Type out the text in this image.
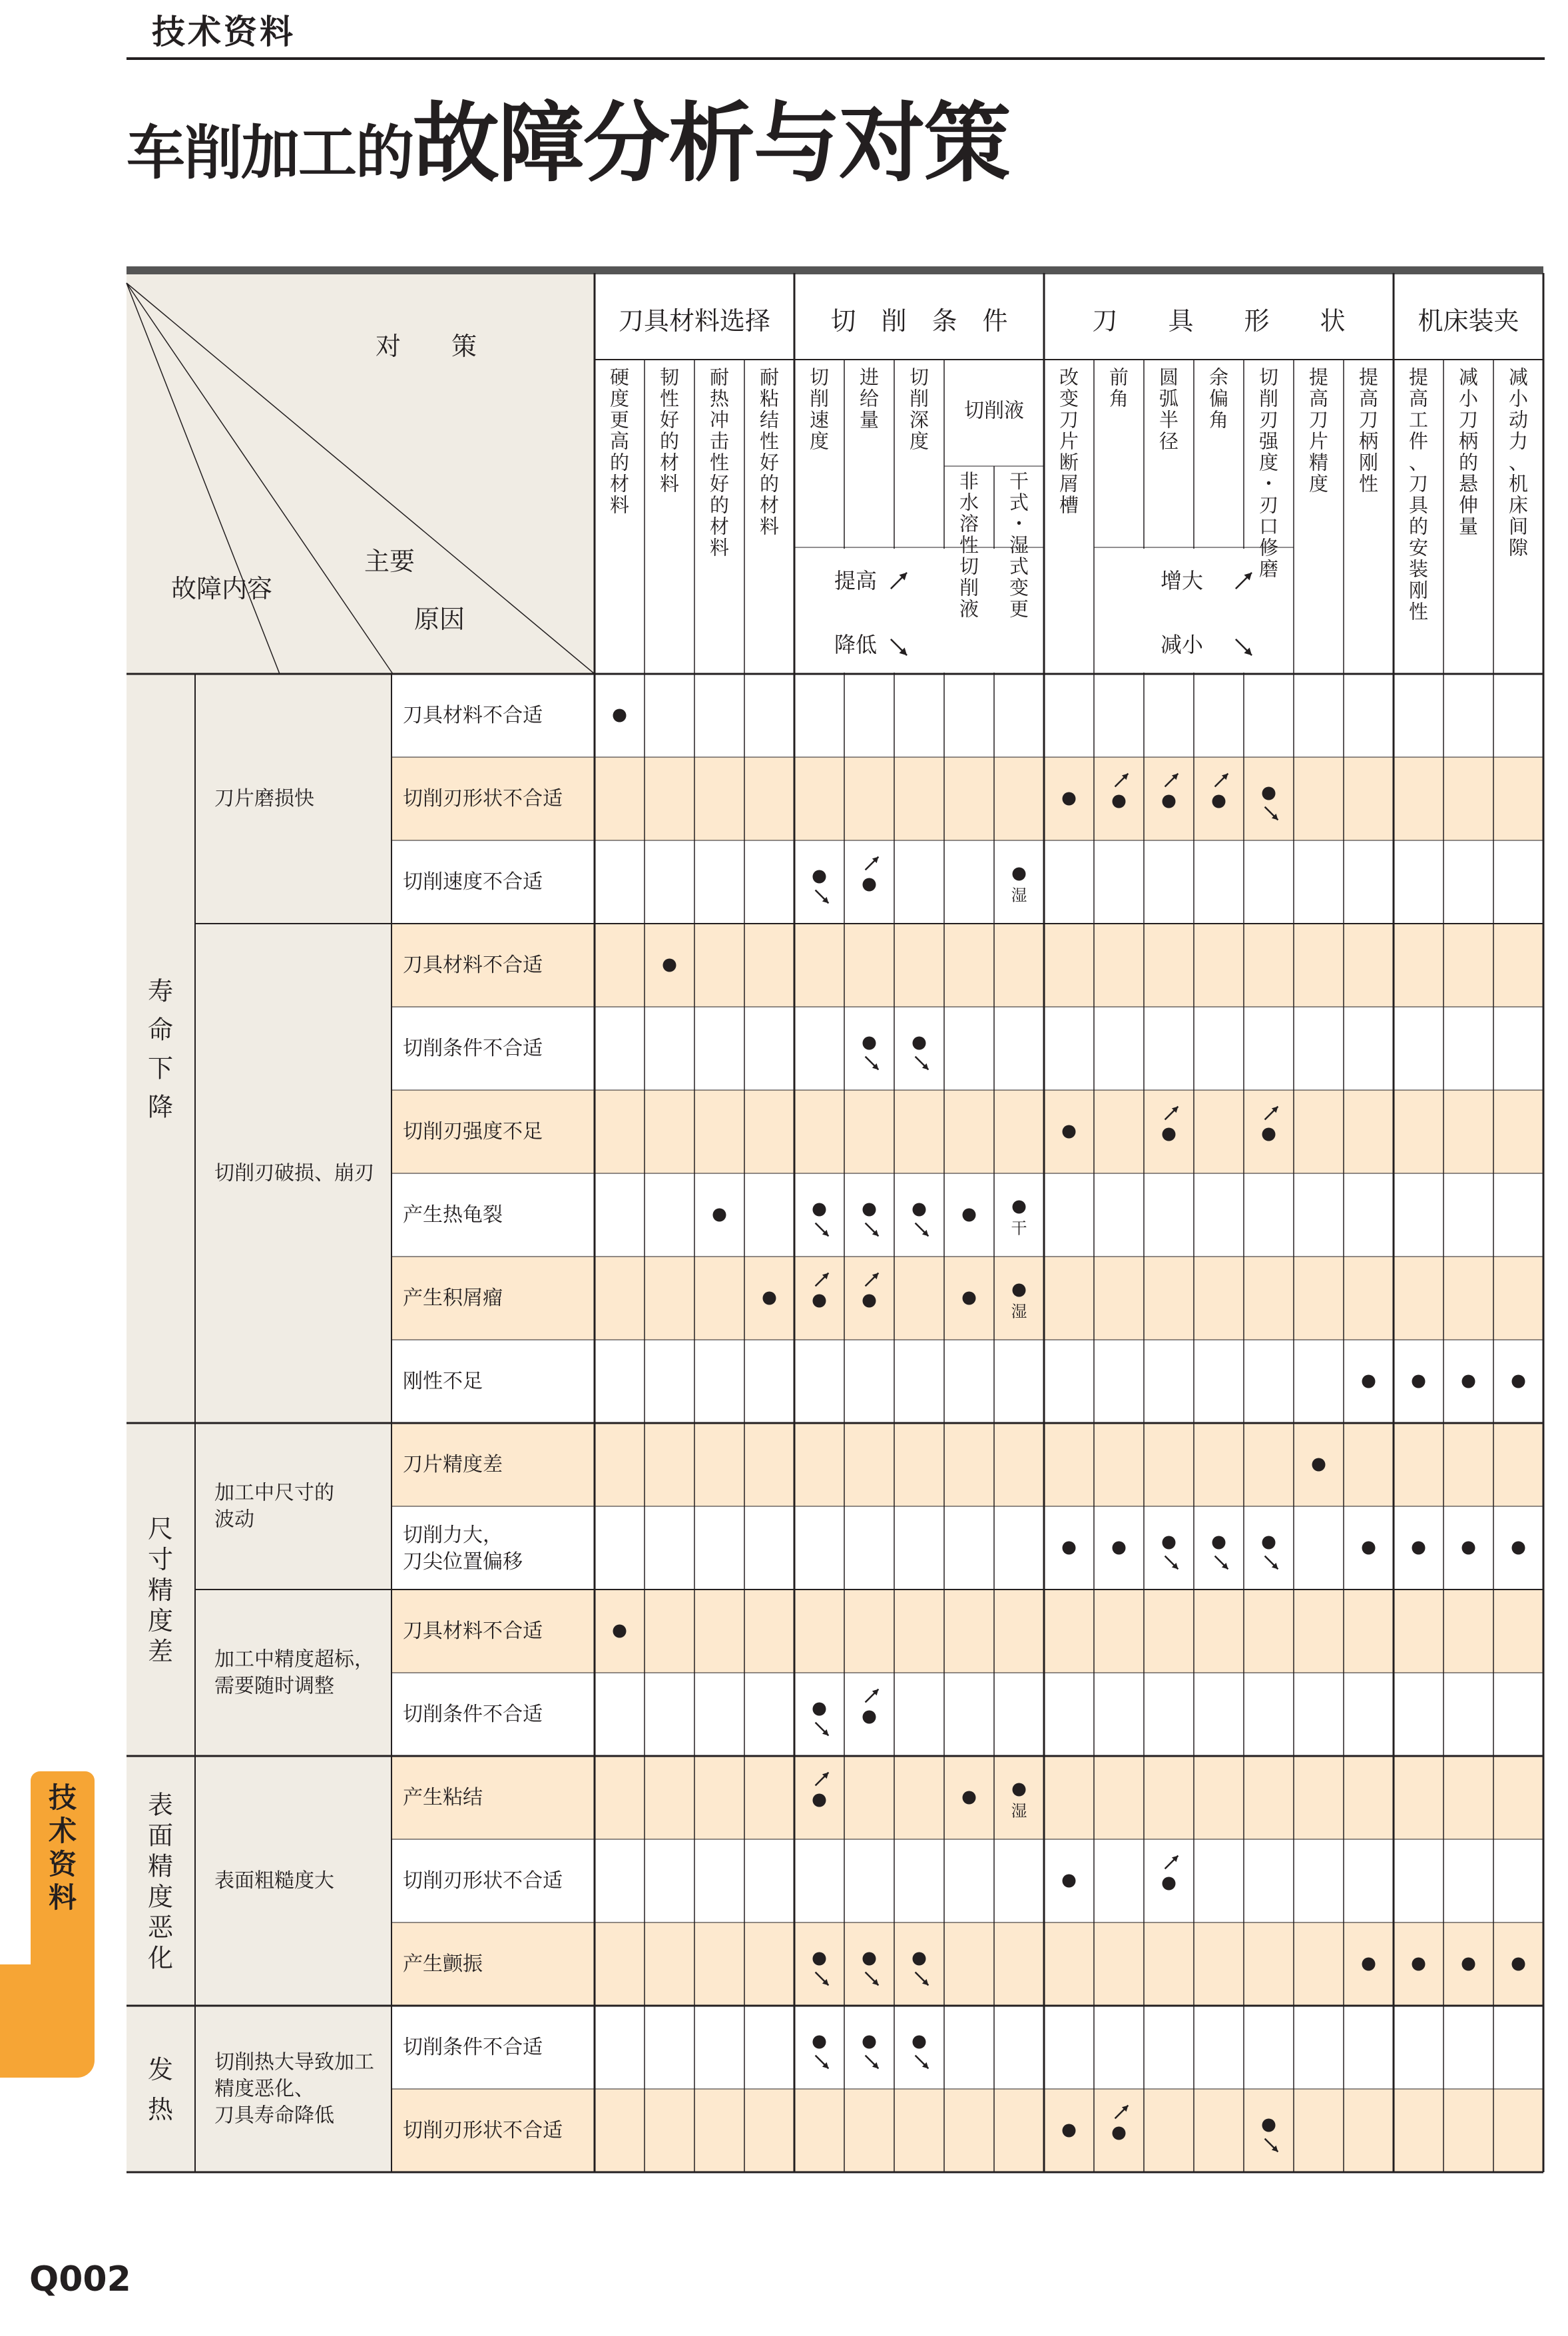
技术资料
车削加工的故障分析与对策
对　　策
主要
原因
故障内容
刀具材料选择 切　削　条　件	刀　　具　　形　　状	机床装夹
硬度更高的材料
韧性好的材料
耐热冲击性好的材料
耐粘结性好的材料
切削速度
进给量
切削深度
非水溶性切削液
干式・湿式变更
改变刀片断屑槽
前角
圆弧半径
余偏角
切削刃强度・刃口修磨
提高刀片精度
提高刀柄刚性
提高工件、刀具的安装刚性
减小刀柄的悬伸量
减小动力、机床间隙
切削液
提高
降低
增大
减小
寿命下降
尺寸精度差
表面精度恶化
发热
刀片磨损快
切削刃破损、崩刃
加工中尺寸的波动
加工中精度超标，需要随时调整
表面粗糙度大
切削热大导致加工精度恶化、刀具寿命降低
刀具材料不合适
切削刃形状不合适
切削速度不合适
湿
刀具材料不合适
切削条件不合适
切削刃强度不足
产生热龟裂
干
产生积屑瘤
湿
刚性不足
刀片精度差
切削力大，刀尖位置偏移
刀具材料不合适
切削条件不合适
产生粘结
湿
切削刃形状不合适
产生颤振
切削条件不合适
切削刃形状不合适
技术资料
Q002
